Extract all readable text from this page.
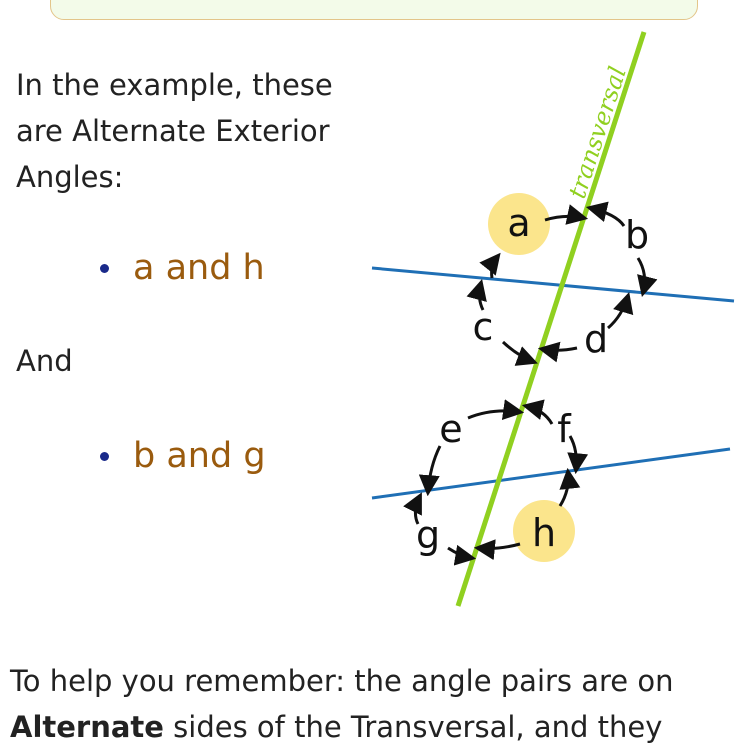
In the example, these are Alternate Exterior Angles:

a and h
And
b and g
transversal
a b
c d
e f
g h

To help you remember: the angle pairs are on
Alternate sides of the Transversal, and they
